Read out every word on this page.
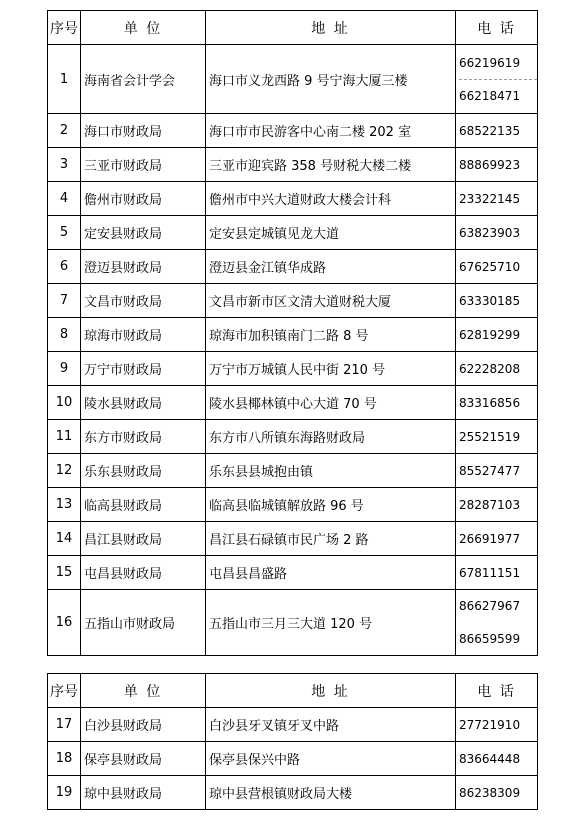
序号	单 位	地 址	电 话
1	海南省会计学会	海口市义龙西路 9 号宁海大厦三楼	66219619
66218471

2	海口市财政局	海口市市民游客中心南二楼 202 室	68522135

3	三亚市财政局	三亚市迎宾路 358 号财税大楼二楼	88869923

4	儋州市财政局	儋州市中兴大道财政大楼会计科	23322145

5	定安县财政局	定安县定城镇见龙大道	63823903

6	澄迈县财政局	澄迈县金江镇华成路	67625710

7	文昌市财政局	文昌市新市区文清大道财税大厦	63330185

8	琼海市财政局	琼海市加积镇南门二路 8 号	62819299

9	万宁市财政局	万宁市万城镇人民中街 210 号	62228208

10	陵水县财政局	陵水县椰林镇中心大道 70 号	83316856

11	东方市财政局	东方市八所镇东海路财政局	25521519

12	乐东县财政局	乐东县县城抱由镇	85527477

13	临高县财政局	临高县临城镇解放路 96 号	28287103

14	昌江县财政局	昌江县石碌镇市民广场 2 路	26691977

15	屯昌县财政局	屯昌县昌盛路	67811151

16	五指山市财政局	五指山市三月三大道 120 号	86627967
86659599
序号	单 位	地 址	电 话
17	白沙县财政局	白沙县牙叉镇牙叉中路	27721910

18	保亭县财政局	保亭县保兴中路	83664448

19	琼中县财政局	琼中县营根镇财政局大楼	86238309
